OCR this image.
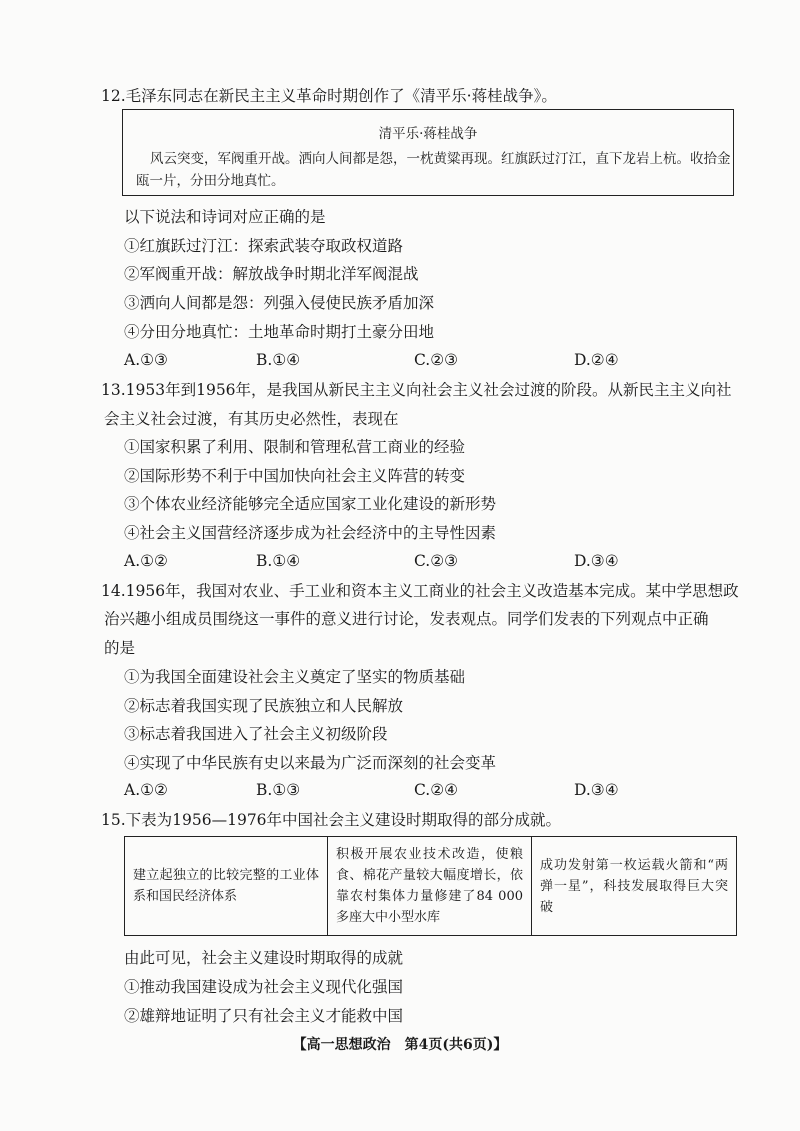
12.毛泽东同志在新民主主义革命时期创作了《清平乐·蒋桂战争》。
清平乐·蒋桂战争
风云突变，军阀重开战。洒向人间都是怨，一枕黄粱再现。红旗跃过汀江，直下龙岩上杭。收拾金
瓯一片，分田分地真忙。
以下说法和诗词对应正确的是
①红旗跃过汀江：探索武装夺取政权道路
②军阀重开战：解放战争时期北洋军阀混战
③洒向人间都是怨：列强入侵使民族矛盾加深
④分田分地真忙：土地革命时期打土豪分田地
A.①③	B.①④	C.②③	D.②④
13.1953年到1956年，是我国从新民主主义向社会主义社会过渡的阶段。从新民主主义向社
会主义社会过渡，有其历史必然性，表现在
①国家积累了利用、限制和管理私营工商业的经验
②国际形势不利于中国加快向社会主义阵营的转变
③个体农业经济能够完全适应国家工业化建设的新形势
④社会主义国营经济逐步成为社会经济中的主导性因素
A.①②	B.①④	C.②③	D.③④
14.1956年，我国对农业、手工业和资本主义工商业的社会主义改造基本完成。某中学思想政
治兴趣小组成员围绕这一事件的意义进行讨论，发表观点。同学们发表的下列观点中正确
的是
①为我国全面建设社会主义奠定了坚实的物质基础
②标志着我国实现了民族独立和人民解放
③标志着我国进入了社会主义初级阶段
④实现了中华民族有史以来最为广泛而深刻的社会变革
A.①②	B.①③	C.②④	D.③④
15.下表为1956—1976年中国社会主义建设时期取得的部分成就。
建立起独立的比较完整的工业体系和国民经济体系	积极开展农业技术改造，使粮食、棉花产量较大幅度增长，依靠农村集体力量修建了84 000多座大中小型水库	成功发射第一枚运载火箭和“两弹一星”，科技发展取得巨大突破
由此可见，社会主义建设时期取得的成就
①推动我国建设成为社会主义现代化强国
②雄辩地证明了只有社会主义才能救中国
【高一思想政治　第4页(共6页)】
